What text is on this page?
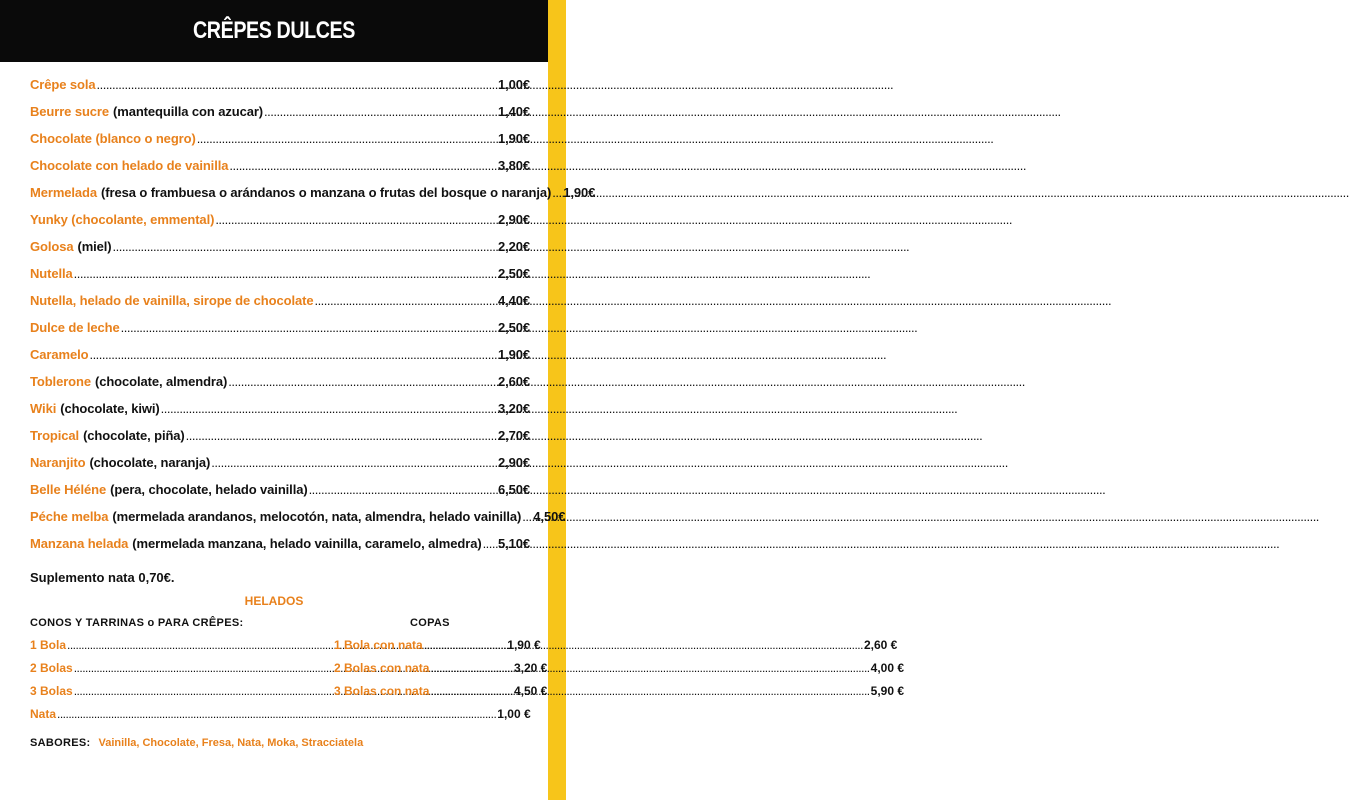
CRÊPES DULCES
Crêpe sola .....	1,00€
Beurre sucre (mantequilla con azucar) .....	1,40€
Chocolate (blanco o negro) .....	1,90€
Chocolate con helado de vainilla .....	3,80€
Mermelada (fresa o frambuesa o arándanos o manzana o frutas del bosque o naranja) ..... 1,90€
Yunky (chocolante, emmental) .....	2,90€
Golosa (miel) .....	2,20€
Nutella .....	2,50€
Nutella, helado de vainilla, sirope de chocolate .....	4,40€
Dulce de leche .....	2,50€
Caramelo .....	1,90€
Toblerone (chocolate, almendra) .....	2,60€
Wiki (chocolate, kiwi) .....	3,20€
Tropical (chocolate, piña) .....	2,70€
Naranjito (chocolate, naranja) .....	2,90€
Belle Héléne (pera, chocolate, helado vainilla) .....	6,50€
Péche melba (mermelada arandanos, melocotón, nata, almendra, helado vainilla) ..... 4,50€
Manzana helada (mermelada manzana, helado vainilla, caramelo, almedra) ..... 5,10€
Suplemento nata 0,70€.
HELADOS
CONOS Y TARRINAS o PARA CRÊPES:	COPAS
1 Bola .....	1,90 €
2 Bolas .....	3,20 €
3 Bolas .....	4,50 €
Nata .....	1,00 €
1 Bola con nata .....	2,60 €
2 Bolas con nata .....	4,00 €
3 Bolas con nata .....	5,90 €
SABORES: Vainilla, Chocolate, Fresa, Nata, Moka, Stracciatela
